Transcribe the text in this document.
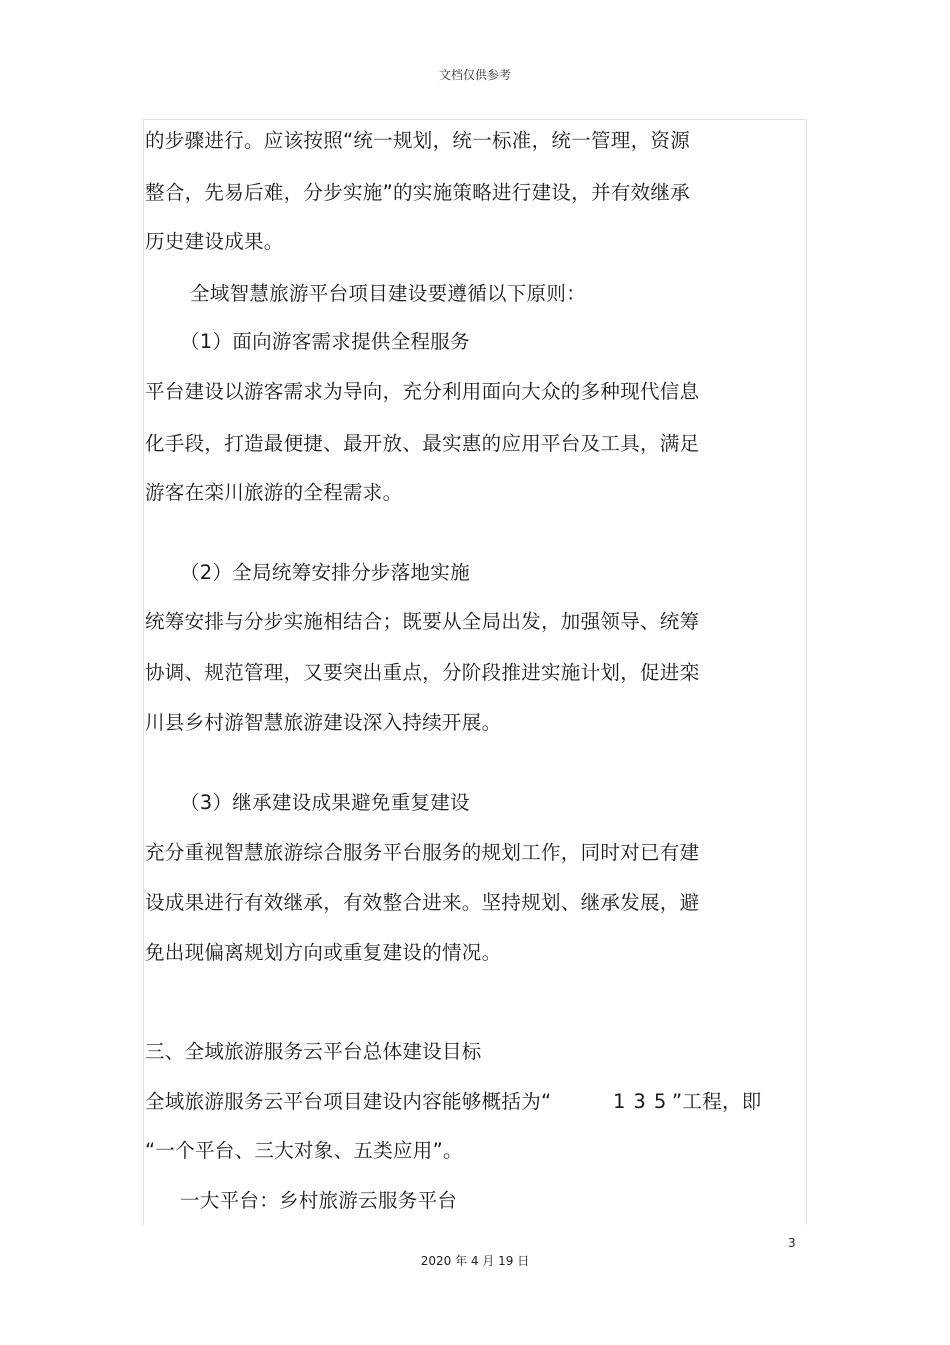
文档仅供参考
的步骤进行。应该按照“统一规划，统一标准，统一管理，资源
整合，先易后难，分步实施”的实施策略进行建设，并有效继承
历史建设成果。
全域智慧旅游平台项目建设要遵循以下原则：
（1）面向游客需求提供全程服务
平台建设以游客需求为导向，充分利用面向大众的多种现代信息
化手段，打造最便捷、最开放、最实惠的应用平台及工具，满足
游客在栾川旅游的全程需求。
（2）全局统筹安排分步落地实施
统筹安排与分步实施相结合；既要从全局出发，加强领导、统筹
协调、规范管理，又要突出重点，分阶段推进实施计划，促进栾
川县乡村游智慧旅游建设深入持续开展。
（3）继承建设成果避免重复建设
充分重视智慧旅游综合服务平台服务的规划工作，同时对已有建
设成果进行有效继承，有效整合进来。坚持规划、继承发展，避
免出现偏离规划方向或重复建设的情况。
三、全域旅游服务云平台总体建设目标
全域旅游服务云平台项目建设内容能够概括为“	135
”工程，即
“一个平台、三大对象、五类应用”。
一大平台：乡村旅游云服务平台
3
2020 年 4 月 19 日
